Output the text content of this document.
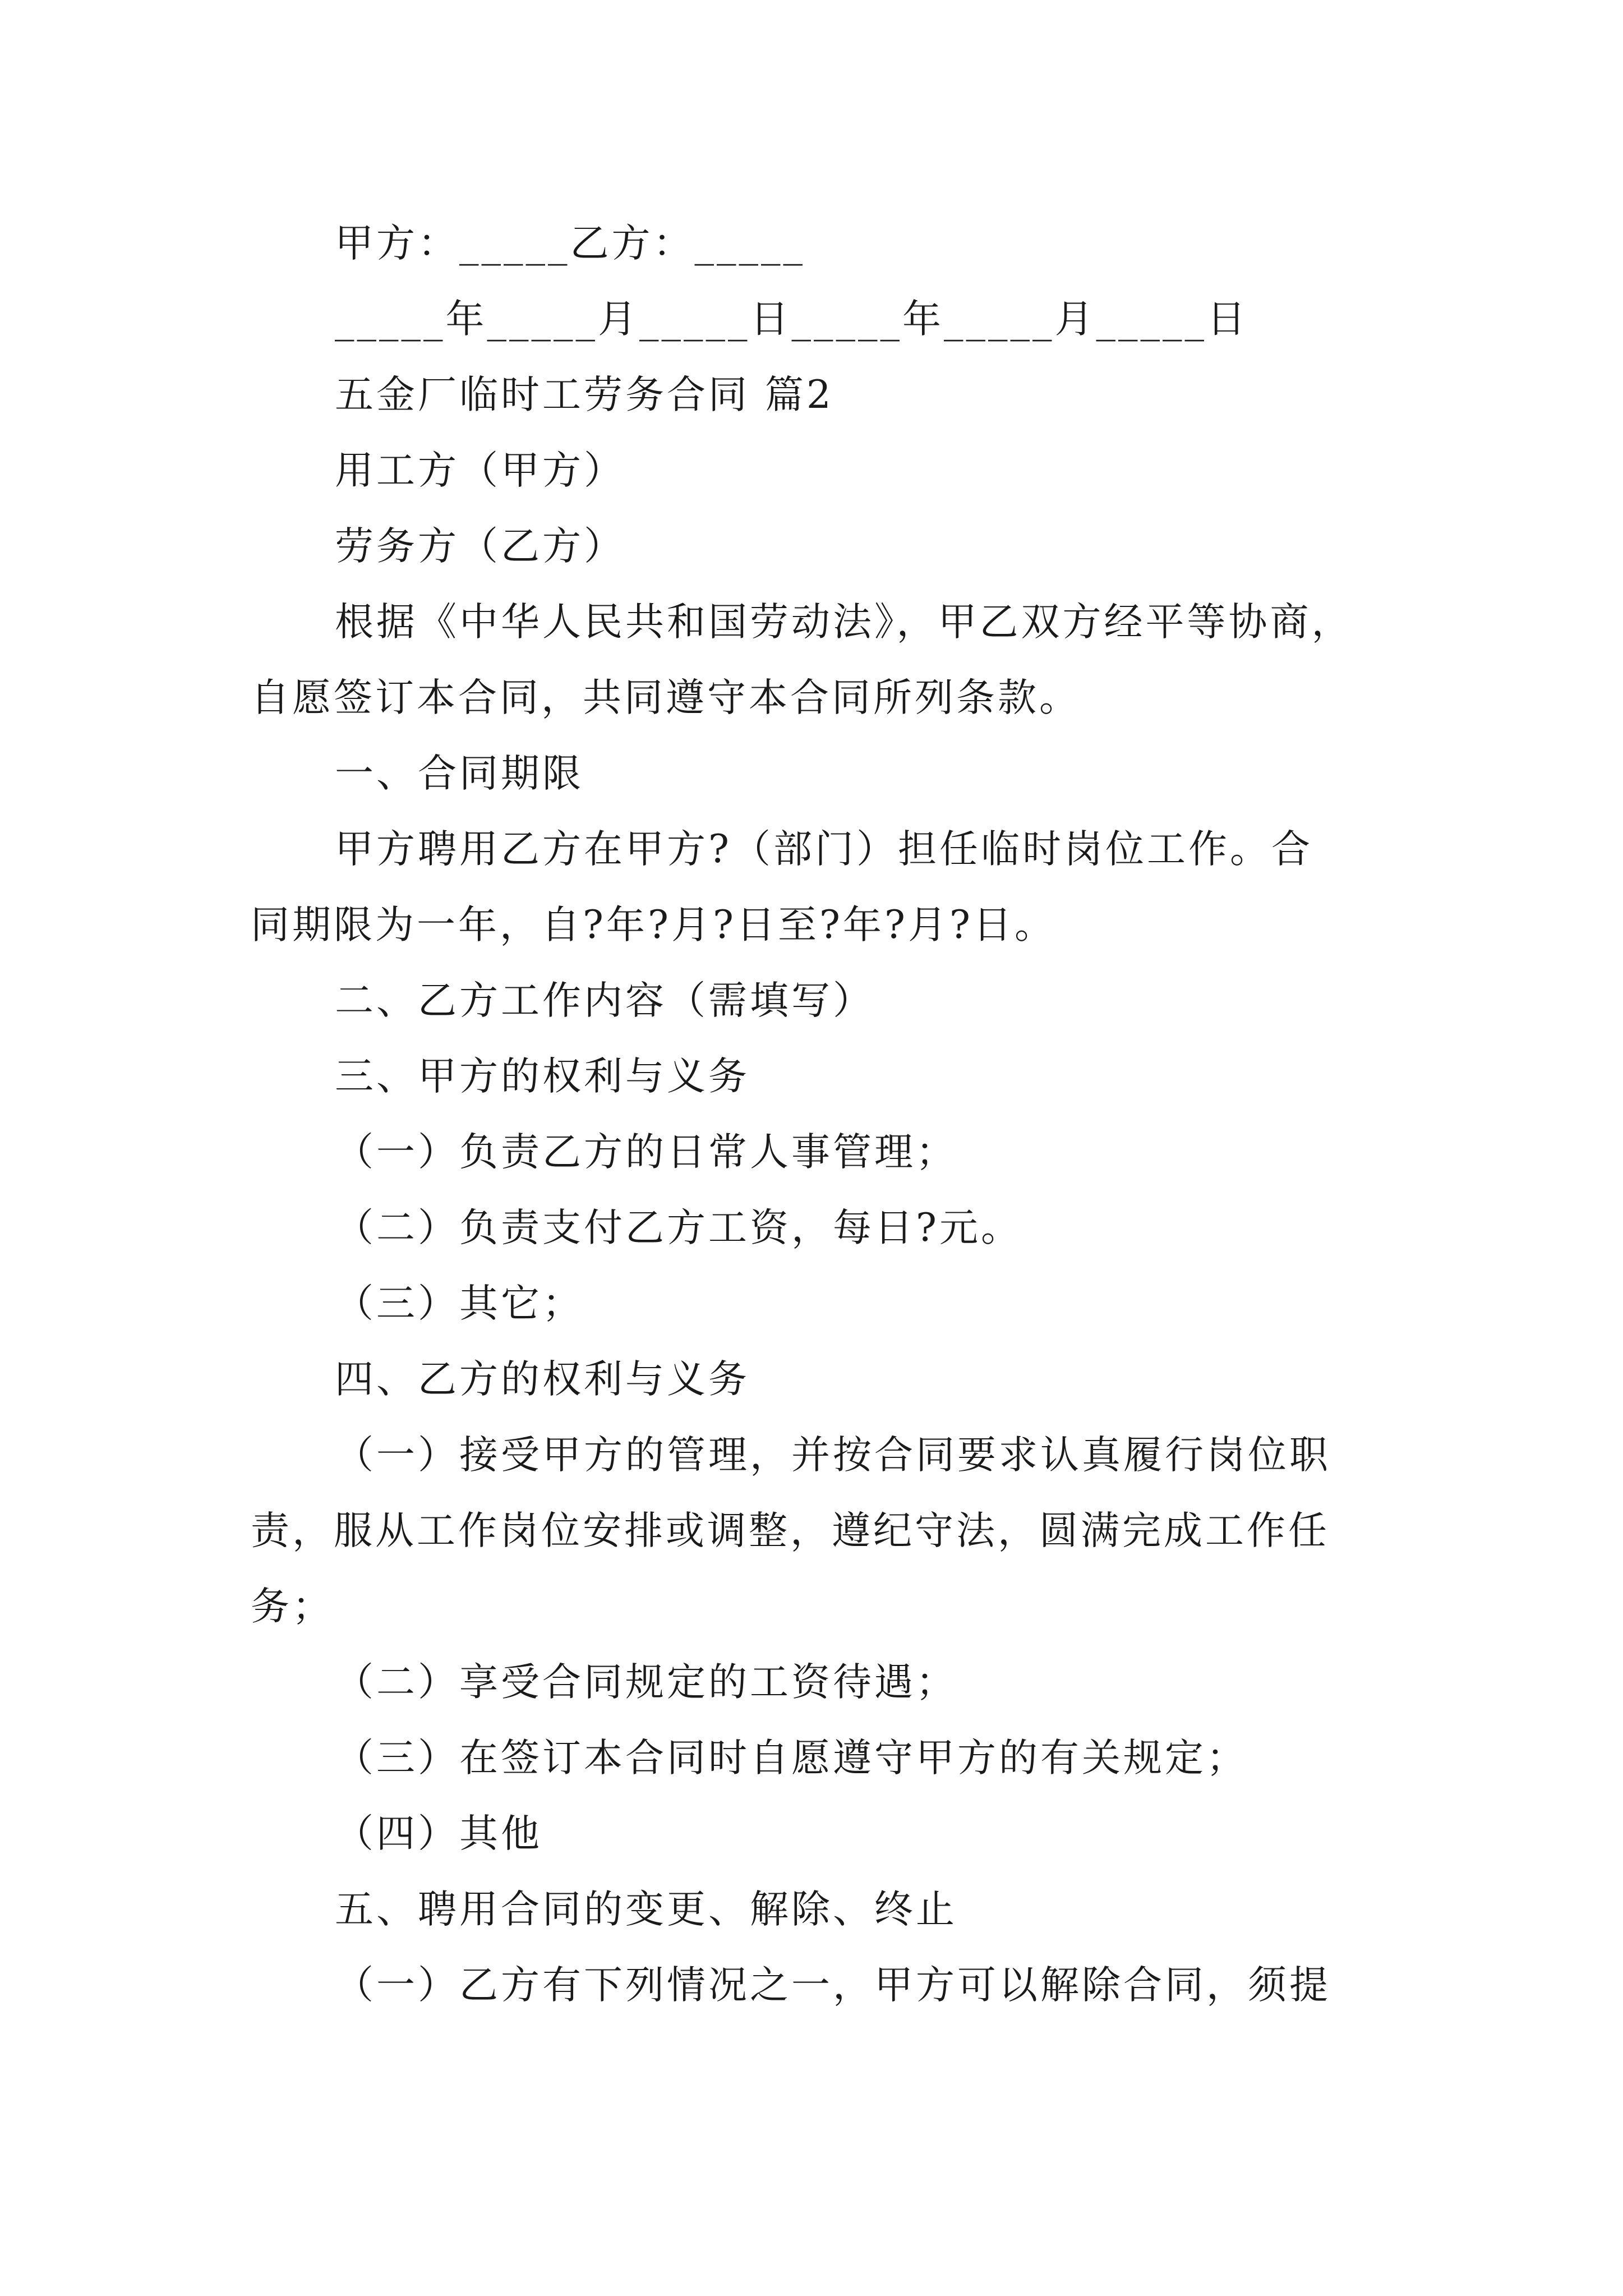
甲方：_____乙方：_____
_____年_____月_____日_____年_____月_____日
五金厂临时工劳务合同 篇2
用工方（甲方）
劳务方（乙方）
根据《中华人民共和国劳动法》，甲乙双方经平等协商，
自愿签订本合同，共同遵守本合同所列条款。
一、合同期限
甲方聘用乙方在甲方?（部门）担任临时岗位工作。合
同期限为一年，自?年?月?日至?年?月?日。
二、乙方工作内容（需填写）
三、甲方的权利与义务
（一）负责乙方的日常人事管理；
（二）负责支付乙方工资，每日?元。
（三）其它；
四、乙方的权利与义务
（一）接受甲方的管理，并按合同要求认真履行岗位职
责，服从工作岗位安排或调整，遵纪守法，圆满完成工作任
务；
（二）享受合同规定的工资待遇；
（三）在签订本合同时自愿遵守甲方的有关规定；
（四）其他
五、聘用合同的变更、解除、终止
（一）乙方有下列情况之一，甲方可以解除合同，须提
